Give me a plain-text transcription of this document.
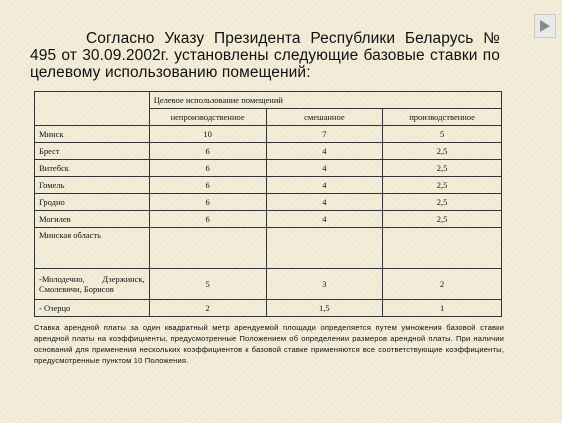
Согласно Указу Президента Республики Беларусь № 495 от 30.09.2002г. установлены следующие базовые ставки по целевому использованию помещений:
	Целевое использование помещений		
	непроизводственное	смешанное	производственное
Минск	10	7	5
Брест	6	4	2,5
Витебск	6	4	2,5
Гомель	6	4	2,5
Гродно	6	4	2,5
Могилев	6	4	2,5
Минская область			
-Молодечно, Дзержинск, Смолевичи, Борисов	5	3	2
- Озерцо	2	1,5	1
Ставка арендной платы за один квадратный метр арендуемой площади определяется путем умножения базовой ставки арендной платы на коэффициенты, предусмотренные Положением об определении размеров арендной платы. При наличии оснований для применения нескольких коэффициентов к базовой ставке применяются все соответствующие коэффициенты, предусмотренные пунктом 10 Положения.
